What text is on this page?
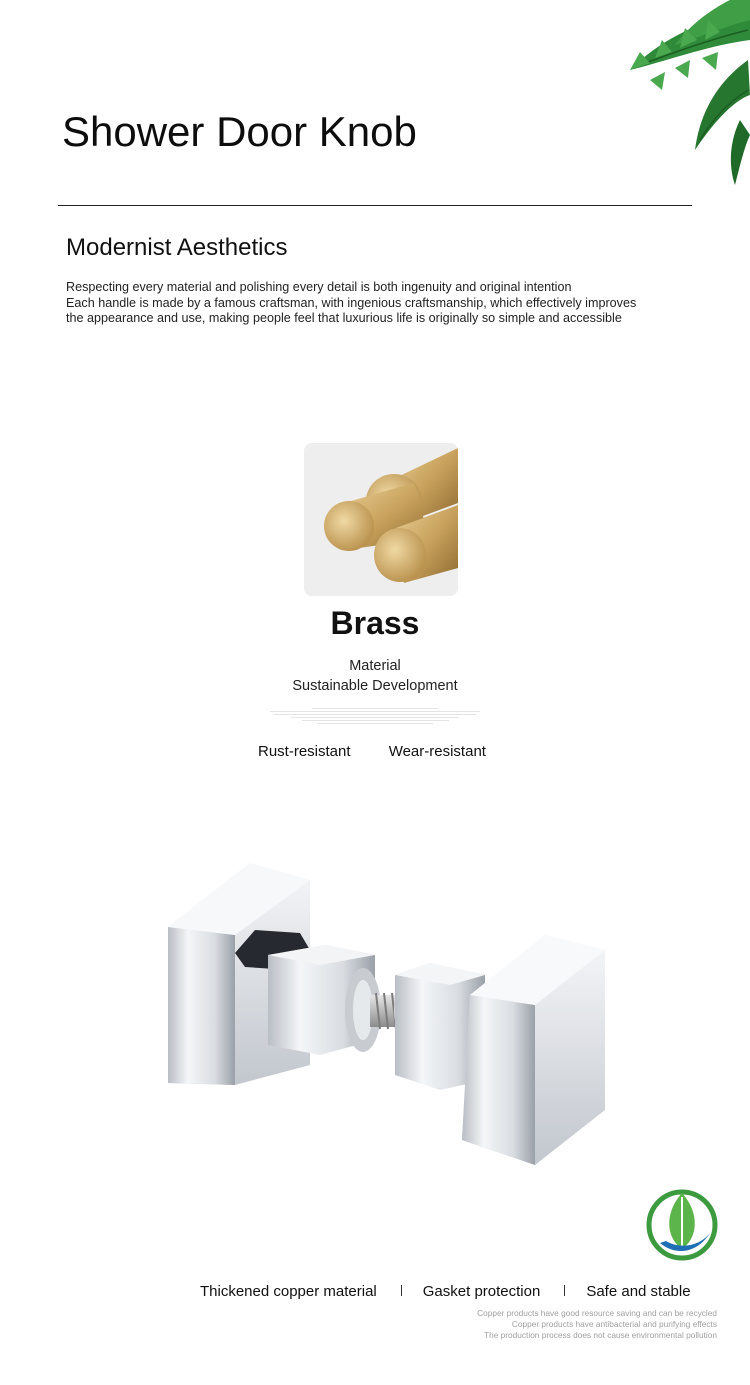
Shower Door Knob
Modernist Aesthetics

Respecting every material and polishing every detail is both ingenuity and original intention

Each handle is made by a famous craftsman, with ingenious craftsmanship, which effectively improves

the appearance and use, making people feel that luxurious life is originally so simple and accessible

Brass
Material
Sustainable Development
Rust-resistant	Wear-resistant
Thickened copper material	Gasket protection	Safe and stable
Copper products have good resource saving and can be recycled
Copper products have antibacterial and purifying effects
The production process does not cause environmental pollution
